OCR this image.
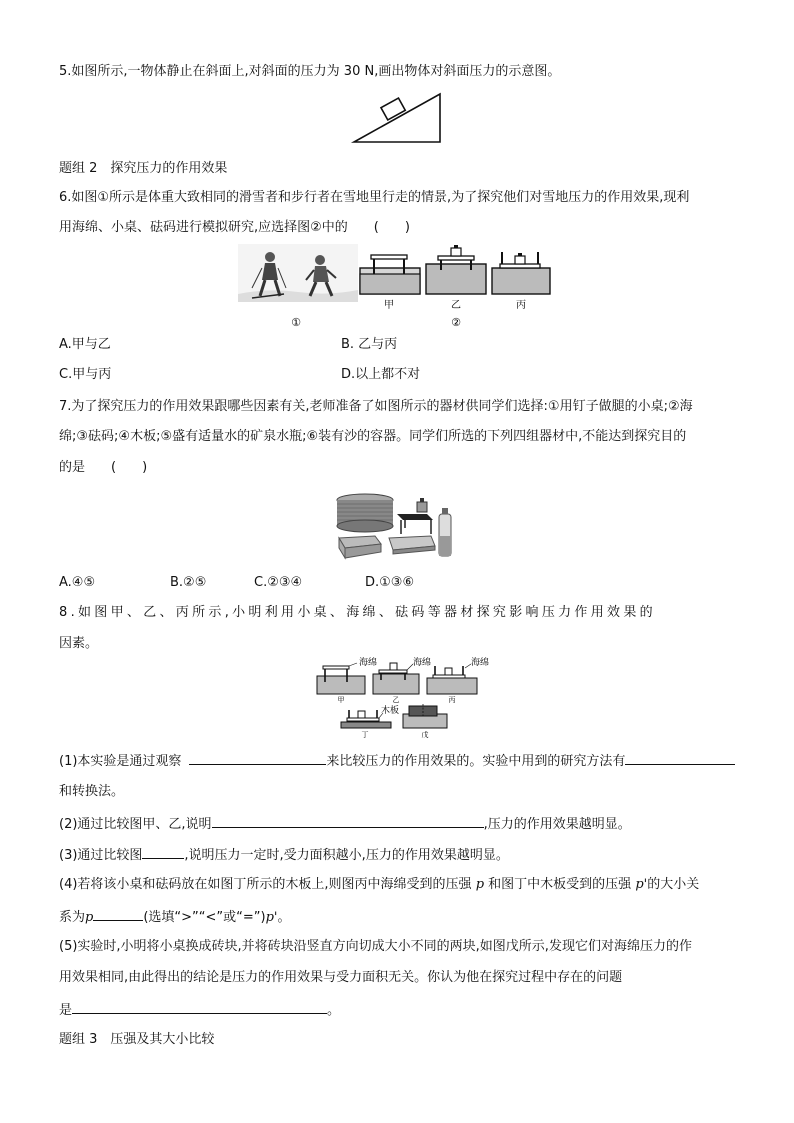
5.如图所示,一物体静止在斜面上,对斜面的压力为 30 N,画出物体对斜面压力的示意图。
题组 2　探究压力的作用效果
6.如图①所示是体重大致相同的滑雪者和步行者在雪地里行走的情景,为了探究他们对雪地压力的作用效果,现利
用海绵、小桌、砝码进行模拟研究,应选择图②中的　　(　　)
甲	乙	丙
①	②
A.甲与乙	B. 乙与丙
C.甲与丙	D.以上都不对
7.为了探究压力的作用效果跟哪些因素有关,老师准备了如图所示的器材供同学们选择:①用钉子做腿的小桌;②海
绵;③砝码;④木板;⑤盛有适量水的矿泉水瓶;⑥装有沙的容器。同学们所选的下列四组器材中,不能达到探究目的
的是　　(　　)
A.④⑤	B.②⑤	C.②③④	D.①③⑥
8.如图甲、乙、丙所示,小明利用小桌、海绵、砝码等器材探究影响压力作用效果的
因素。
海绵
甲
海绵
乙
海绵
丙
木板
丁	戊
(1)本实验是通过观察	来比较压力的作用效果的。实验中用到的研究方法有
和转换法。
(2)通过比较图甲、乙,说明	,压力的作用效果越明显。
(3)通过比较图	,说明压力一定时,受力面积越小,压力的作用效果越明显。
(4)若将该小桌和砝码放在如图丁所示的木板上,则图丙中海绵受到的压强 p 和图丁中木板受到的压强 p'的大小关
系为p	(选填“>”“<”或“=”)p'。
(5)实验时,小明将小桌换成砖块,并将砖块沿竖直方向切成大小不同的两块,如图戊所示,发现它们对海绵压力的作
用效果相同,由此得出的结论是压力的作用效果与受力面积无关。你认为他在探究过程中存在的问题
是	。
题组 3　压强及其大小比较
